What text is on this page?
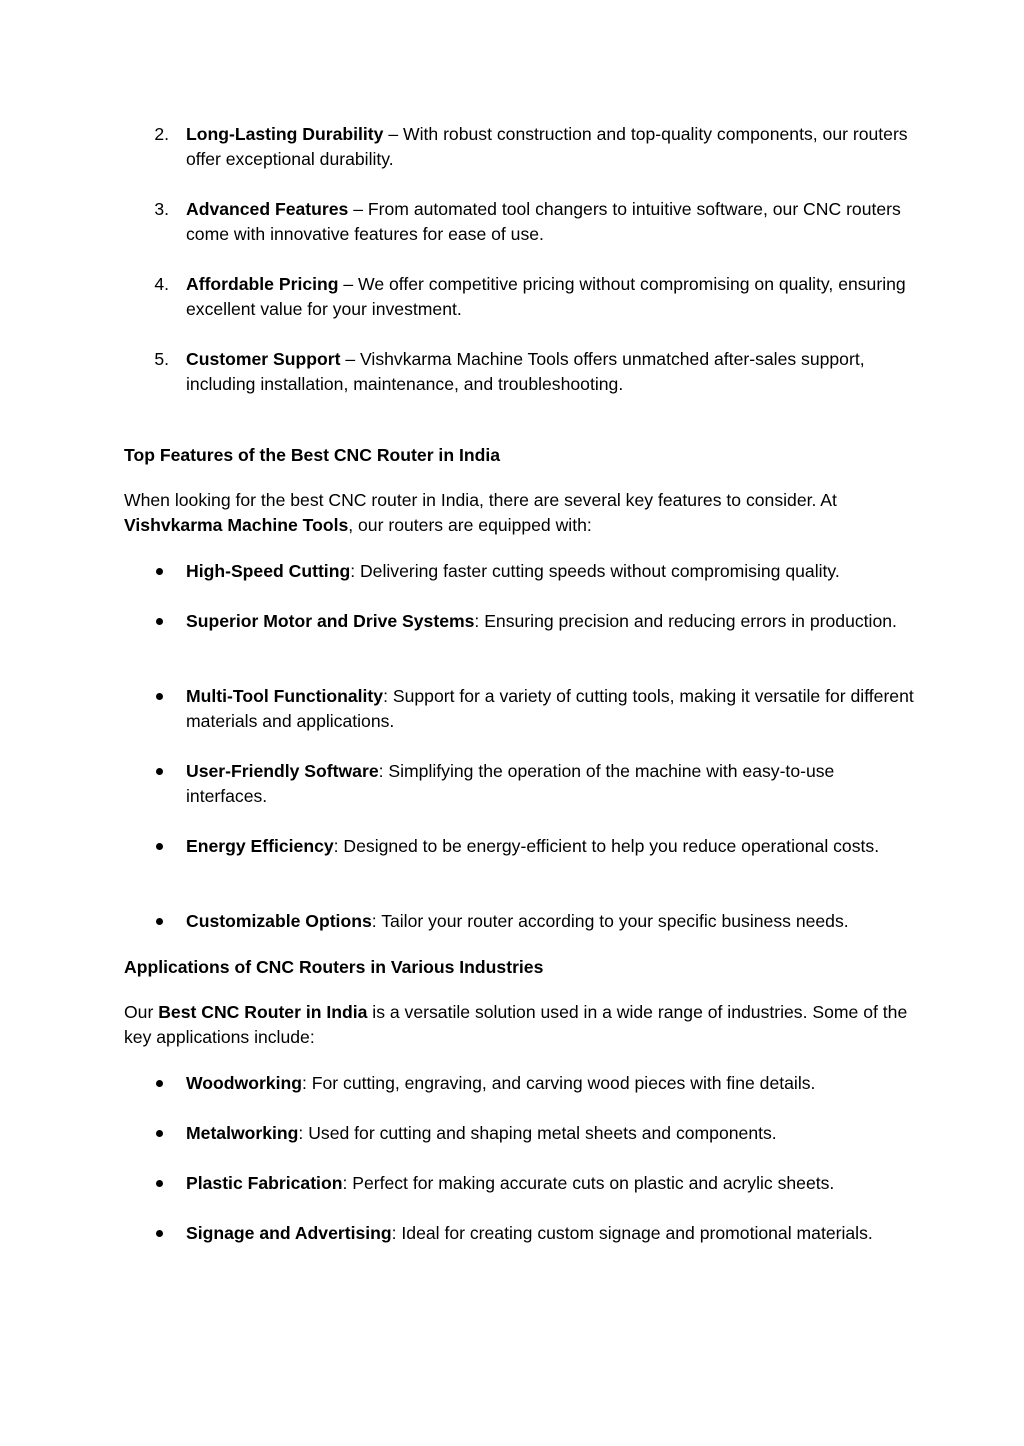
2. Long-Lasting Durability – With robust construction and top-quality components, our routers offer exceptional durability.
3. Advanced Features – From automated tool changers to intuitive software, our CNC routers come with innovative features for ease of use.
4. Affordable Pricing – We offer competitive pricing without compromising on quality, ensuring excellent value for your investment.
5. Customer Support – Vishvkarma Machine Tools offers unmatched after-sales support, including installation, maintenance, and troubleshooting.
Top Features of the Best CNC Router in India
When looking for the best CNC router in India, there are several key features to consider. At Vishvkarma Machine Tools, our routers are equipped with:
High-Speed Cutting: Delivering faster cutting speeds without compromising quality.
Superior Motor and Drive Systems: Ensuring precision and reducing errors in production.
Multi-Tool Functionality: Support for a variety of cutting tools, making it versatile for different materials and applications.
User-Friendly Software: Simplifying the operation of the machine with easy-to-use interfaces.
Energy Efficiency: Designed to be energy-efficient to help you reduce operational costs.
Customizable Options: Tailor your router according to your specific business needs.
Applications of CNC Routers in Various Industries
Our Best CNC Router in India is a versatile solution used in a wide range of industries. Some of the key applications include:
Woodworking: For cutting, engraving, and carving wood pieces with fine details.
Metalworking: Used for cutting and shaping metal sheets and components.
Plastic Fabrication: Perfect for making accurate cuts on plastic and acrylic sheets.
Signage and Advertising: Ideal for creating custom signage and promotional materials.
